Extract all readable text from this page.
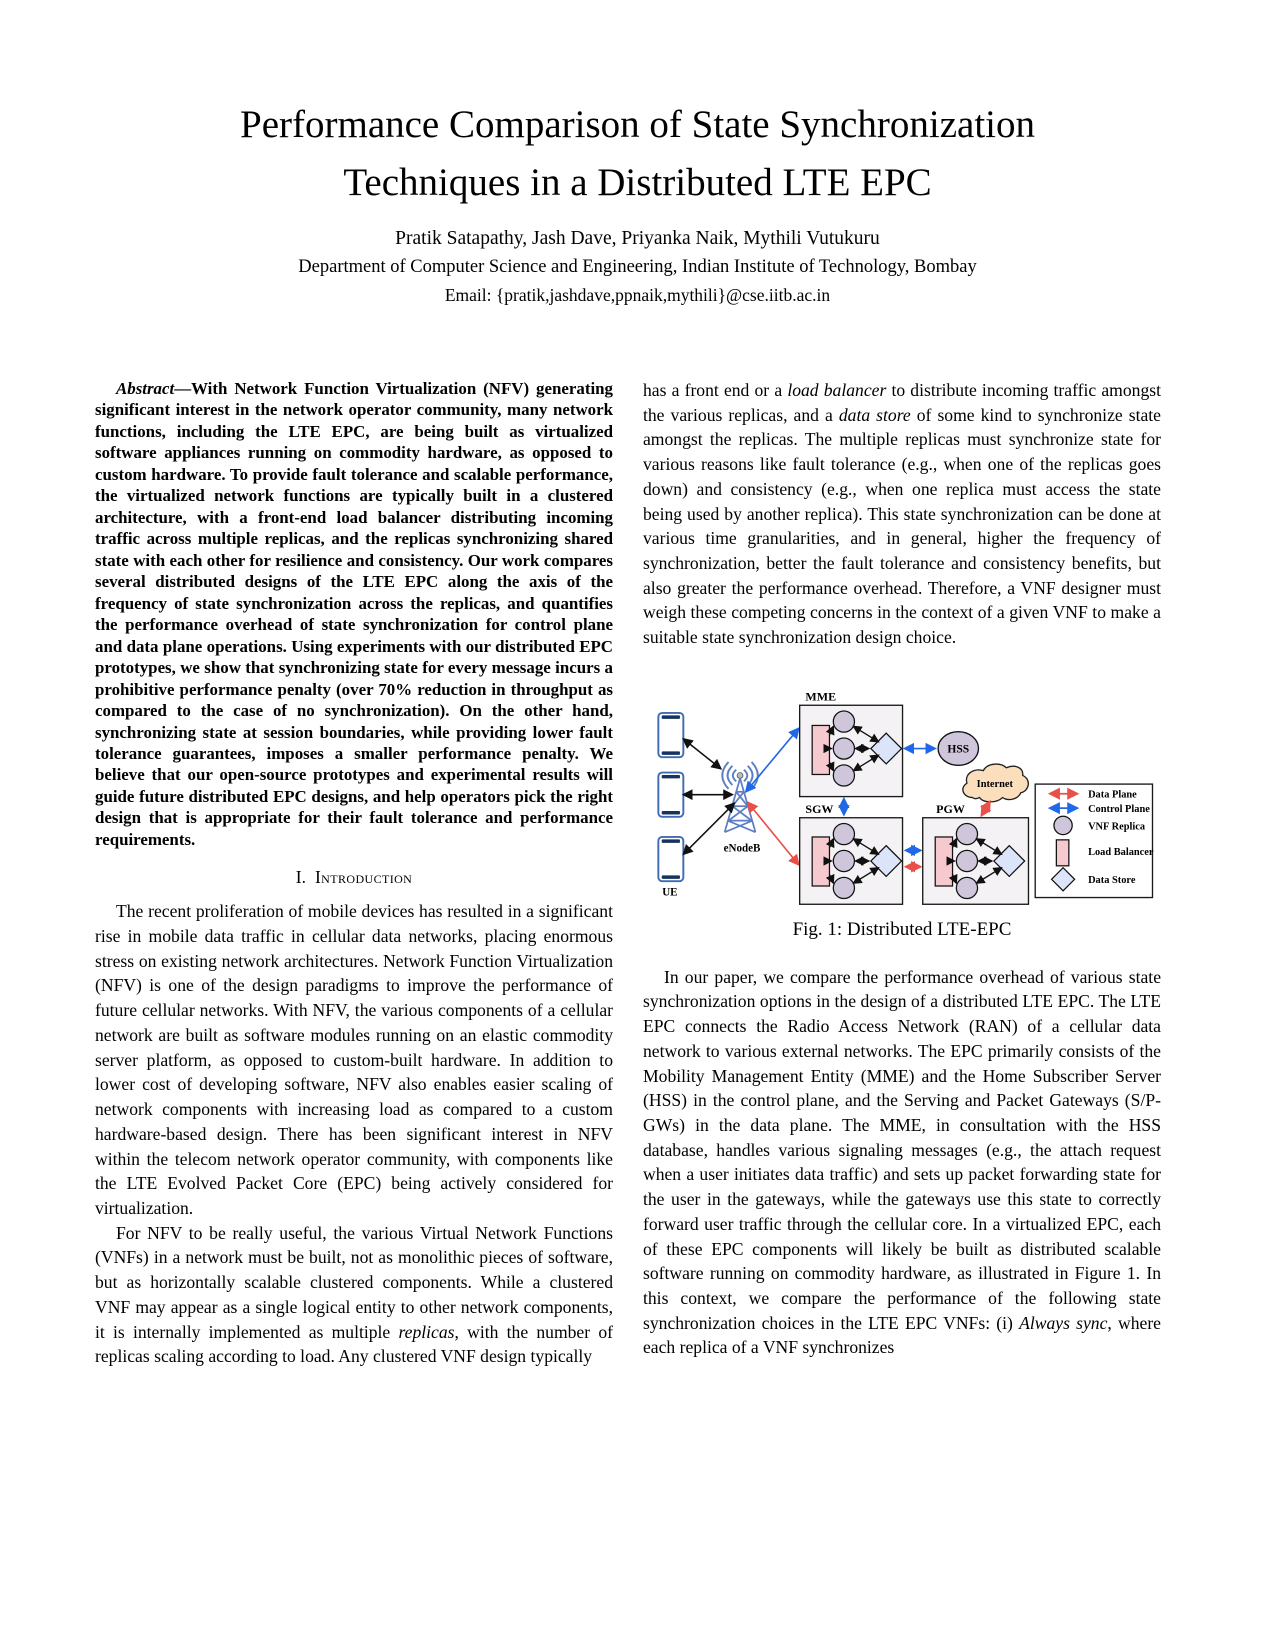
Performance Comparison of State Synchronization
Techniques in a Distributed LTE EPC
Pratik Satapathy, Jash Dave, Priyanka Naik, Mythili Vutukuru
Department of Computer Science and Engineering, Indian Institute of Technology, Bombay
Email: {pratik,jashdave,ppnaik,mythili}@cse.iitb.ac.in

Abstract—With Network Function Virtualization (NFV) generating significant interest in the network operator community, many network functions, including the LTE EPC, are being built as virtualized software appliances running on commodity hardware, as opposed to custom hardware. To provide fault tolerance and scalable performance, the virtualized network functions are typically built in a clustered architecture, with a front-end load balancer distributing incoming traffic across multiple replicas, and the replicas synchronizing shared state with each other for resilience and consistency. Our work compares several distributed designs of the LTE EPC along the axis of the frequency of state synchronization across the replicas, and quantifies the performance overhead of state synchronization for control plane and data plane operations. Using experiments with our distributed EPC prototypes, we show that synchronizing state for every message incurs a prohibitive performance penalty (over 70% reduction in throughput as compared to the case of no synchronization). On the other hand, synchronizing state at session boundaries, while providing lower fault tolerance guarantees, imposes a smaller performance penalty. We believe that our open-source prototypes and experimental results will guide future distributed EPC designs, and help operators pick the right design that is appropriate for their fault tolerance and performance requirements.

I. Introduction

The recent proliferation of mobile devices has resulted in a significant rise in mobile data traffic in cellular data networks, placing enormous stress on existing network architectures. Network Function Virtualization (NFV) is one of the design paradigms to improve the performance of future cellular networks. With NFV, the various components of a cellular network are built as software modules running on an elastic commodity server platform, as opposed to custom-built hardware. In addition to lower cost of developing software, NFV also enables easier scaling of network components with increasing load as compared to a custom hardware-based design. There has been significant interest in NFV within the telecom network operator community, with components like the LTE Evolved Packet Core (EPC) being actively considered for virtualization.

For NFV to be really useful, the various Virtual Network Functions (VNFs) in a network must be built, not as monolithic pieces of software, but as horizontally scalable clustered components. While a clustered VNF may appear as a single logical entity to other network components, it is internally implemented as multiple replicas, with the number of replicas scaling according to load. Any clustered VNF design typically

has a front end or a load balancer to distribute incoming traffic amongst the various replicas, and a data store of some kind to synchronize state amongst the replicas. The multiple replicas must synchronize state for various reasons like fault tolerance (e.g., when one of the replicas goes down) and consistency (e.g., when one replica must access the state being used by another replica). This state synchronization can be done at various time granularities, and in general, higher the frequency of synchronization, better the fault tolerance and consistency benefits, but also greater the performance overhead. Therefore, a VNF designer must weigh these competing concerns in the context of a given VNF to make a suitable state synchronization design choice.

UE
eNodeB
MME
HSS
SGW	PGW
Internet
Data Plane
Control Plane
VNF Replica
Load Balancer
Data Store
Fig. 1: Distributed LTE-EPC

In our paper, we compare the performance overhead of various state synchronization options in the design of a distributed LTE EPC. The LTE EPC connects the Radio Access Network (RAN) of a cellular data network to various external networks. The EPC primarily consists of the Mobility Management Entity (MME) and the Home Subscriber Server (HSS) in the control plane, and the Serving and Packet Gateways (S/P-GWs) in the data plane. The MME, in consultation with the HSS database, handles various signaling messages (e.g., the attach request when a user initiates data traffic) and sets up packet forwarding state for the user in the gateways, while the gateways use this state to correctly forward user traffic through the cellular core. In a virtualized EPC, each of these EPC components will likely be built as distributed scalable software running on commodity hardware, as illustrated in Figure 1. In this context, we compare the performance of the following state synchronization choices in the LTE EPC VNFs: (i) Always sync, where each replica of a VNF synchronizes
